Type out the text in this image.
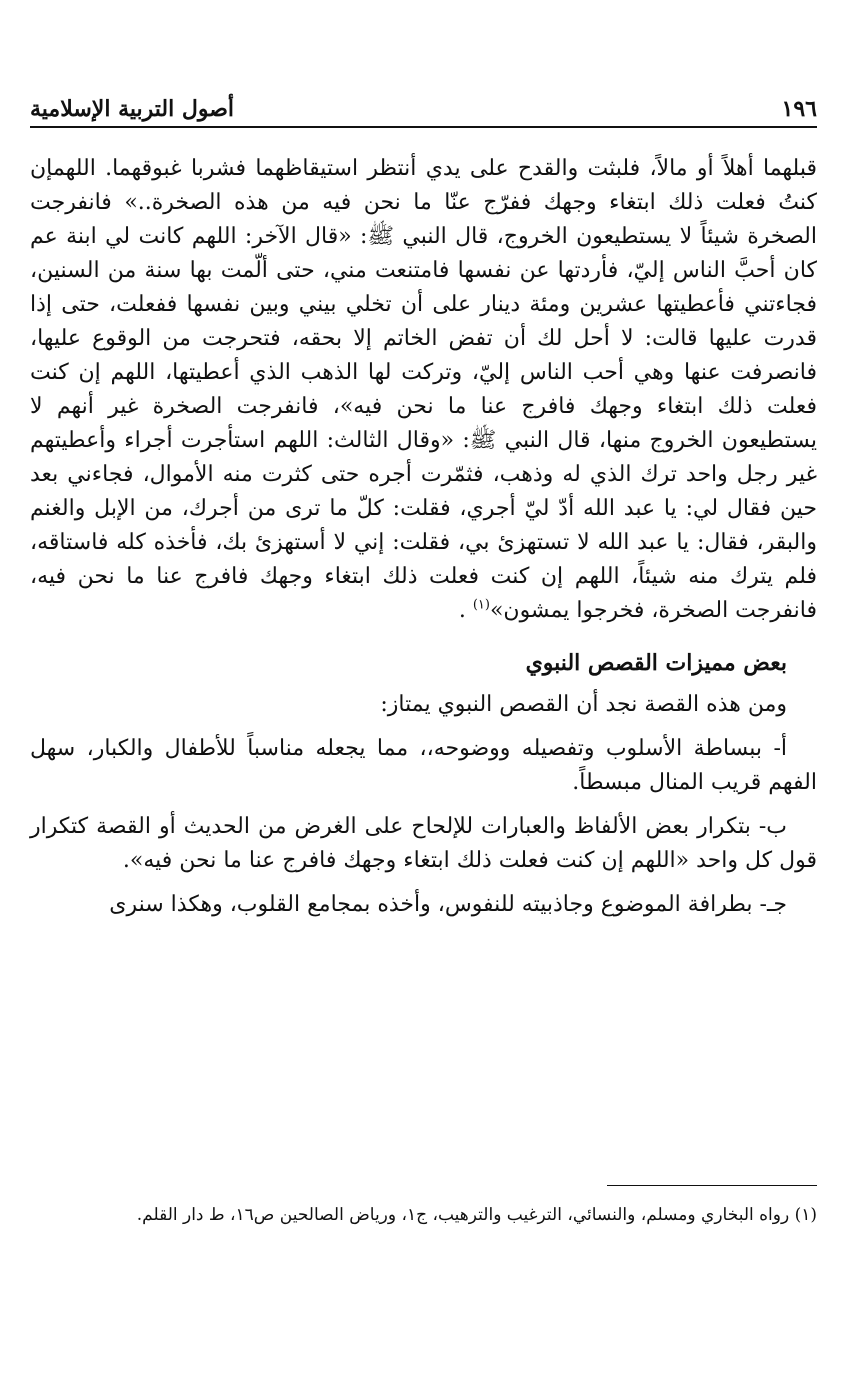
١٩٦
أصول التربية الإسلامية

قبلهما أهلاً أو مالاً، فلبثت والقدح على يدي أنتظر استيقاظهما فشربا غبوقهما. اللهمإن كنتُ فعلت ذلك ابتغاء وجهك ففرّج عنّا ما نحن فيه من هذه الصخرة..» فانفرجت الصخرة شيئاً لا يستطيعون الخروج، قال النبي ﷺ: «قال الآخر: اللهم كانت لي ابنة عم كان أحبَّ الناس إليّ، فأردتها عن نفسها فامتنعت مني، حتى ألّمت بها سنة من السنين، فجاءتني فأعطيتها عشرين ومئة دينار على أن تخلي بيني وبين نفسها ففعلت، حتى إذا قدرت عليها قالت: لا أحل لك أن تفض الخاتم إلا بحقه، فتحرجت من الوقوع عليها، فانصرفت عنها وهي أحب الناس إليّ، وتركت لها الذهب الذي أعطيتها، اللهم إن كنت فعلت ذلك ابتغاء وجهك فافرج عنا ما نحن فيه»، فانفرجت الصخرة غير أنهم لا يستطيعون الخروج منها، قال النبي ﷺ: «وقال الثالث: اللهم استأجرت أجراء وأعطيتهم غير رجل واحد ترك الذي له وذهب، فثمّرت أجره حتى كثرت منه الأموال، فجاءني بعد حين فقال لي: يا عبد الله أدّ ليّ أجري، فقلت: كلّ ما ترى من أجرك، من الإبل والغنم والبقر، فقال: يا عبد الله لا تستهزئ بي، فقلت: إني لا أستهزئ بك، فأخذه كله فاستاقه، فلم يترك منه شيئاً، اللهم إن كنت فعلت ذلك ابتغاء وجهك فافرج عنا ما نحن فيه، فانفرجت الصخرة، فخرجوا يمشون»$^{(١)}$ .

بعض مميزات القصص النبوي

ومن هذه القصة نجد أن القصص النبوي يمتاز:

أ- ببساطة الأسلوب وتفصيله ووضوحه،، مما يجعله مناسباً للأطفال والكبار، سهل الفهم قريب المنال مبسطاً.

ب- بتكرار بعض الألفاظ والعبارات للإلحاح على الغرض من الحديث أو القصة كتكرار قول كل واحد «اللهم إن كنت فعلت ذلك ابتغاء وجهك فافرج عنا ما نحن فيه».

جـ- بطرافة الموضوع وجاذبيته للنفوس، وأخذه بمجامع القلوب، وهكذا سنرى

(١) رواه البخاري ومسلم، والنسائي، الترغيب والترهيب، ج١، ورياض الصالحين ص١٦، ط دار القلم.
